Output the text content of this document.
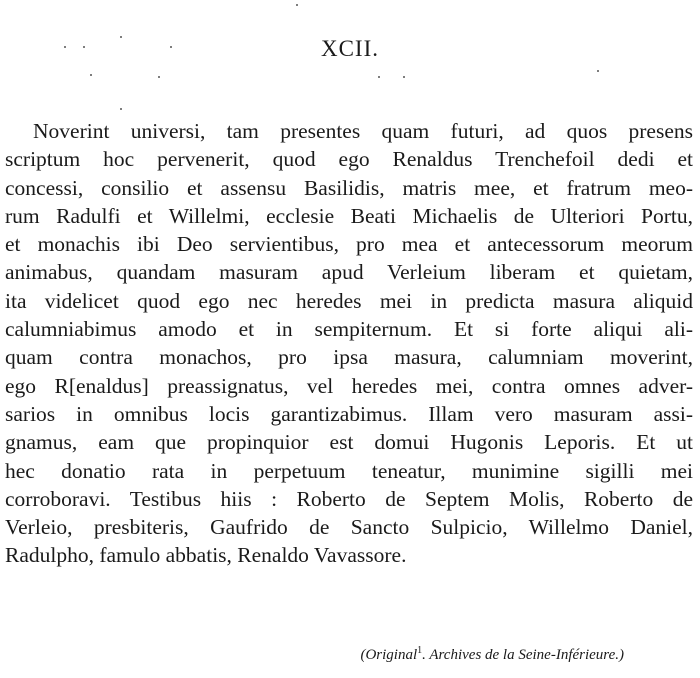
XCII.
Noverint universi, tam presentes quam futuri, ad quos presens
scriptum hoc pervenerit, quod ego Renaldus Trenchefoil dedi et
concessi, consilio et assensu Basilidis, matris mee, et fratrum meo-
rum Radulfi et Willelmi, ecclesie Beati Michaelis de Ulteriori Portu,
et monachis ibi Deo servientibus, pro mea et antecessorum meorum
animabus, quandam masuram apud Verleium liberam et quietam,
ita videlicet quod ego nec heredes mei in predicta masura aliquid
calumniabimus amodo et in sempiternum. Et si forte aliqui ali-
quam contra monachos, pro ipsa masura, calumniam moverint,
ego R[enaldus] preassignatus, vel heredes mei, contra omnes adver-
sarios in omnibus locis garantizabimus. Illam vero masuram assi-
gnamus, eam que propinquior est domui Hugonis Leporis. Et ut
hec donatio rata in perpetuum teneatur, munimine sigilli mei
corroboravi. Testibus hiis : Roberto de Septem Molis, Roberto de
Verleio, presbiteris, Gaufrido de Sancto Sulpicio, Willelmo Daniel,
Radulpho, famulo abbatis, Renaldo Vavassore.
(Original$^1$. Archives de la Seine-Inférieure.)
